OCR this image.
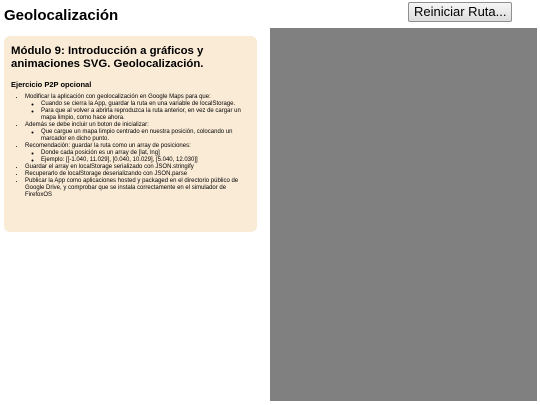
Geolocalización	Reiniciar Ruta...
Módulo 9: Introducción a gráficos y animaciones SVG. Geolocalización.
Ejercicio P2P opcional
• Modificar la aplicación con geolocalización en Google Maps para que:
◦ Cuando se cierra la App, guardar la ruta en una variable de localStorage.
◦ Para que al volver a abrirla reproduzca la ruta anterior, en vez de cargar un mapa limpio, como hace ahora.
• Además se debe incluir un boton de inicializar:
◦ Que cargue un mapa limpio centrado en nuestra posición, colocando un marcador en dicho punto.
• Recomendación: guardar la ruta como un array de posiciones:
◦ Donde cada posición es un array de [lat, lng]
◦ Ejemplo: [[-1.040, 11.029], [0.040, 10.029], [5.040, 12.030]]
• Guardar el array en localStorage serializado con JSON.stringify
• Recuperarlo de localStorage deserializando con JSON.parse
• Publicar la App como aplicaciones hosted y packaged en el directorio público de Google Drive, y comprobar que se instala correctamente en el simulador de FirefoxOS
